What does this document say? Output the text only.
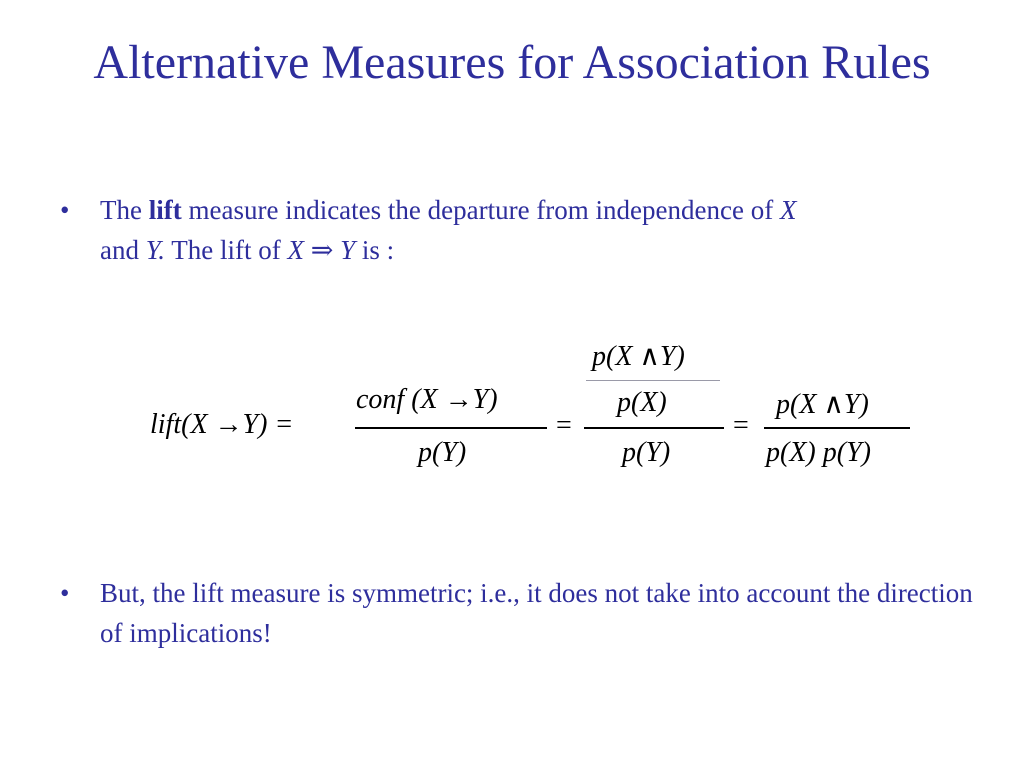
Alternative Measures for Association Rules
• The lift measure indicates the departure from independence of X
and Y. The lift of X ⇒ Y is :
lift(X →Y) =
conf (X →Y)
p(Y)
=
p(X ∧Y)
p(X)
p(Y)
=
p(X ∧Y)
p(X) p(Y)
• But, the lift measure is symmetric; i.e., it does not take into account the direction of implications!
